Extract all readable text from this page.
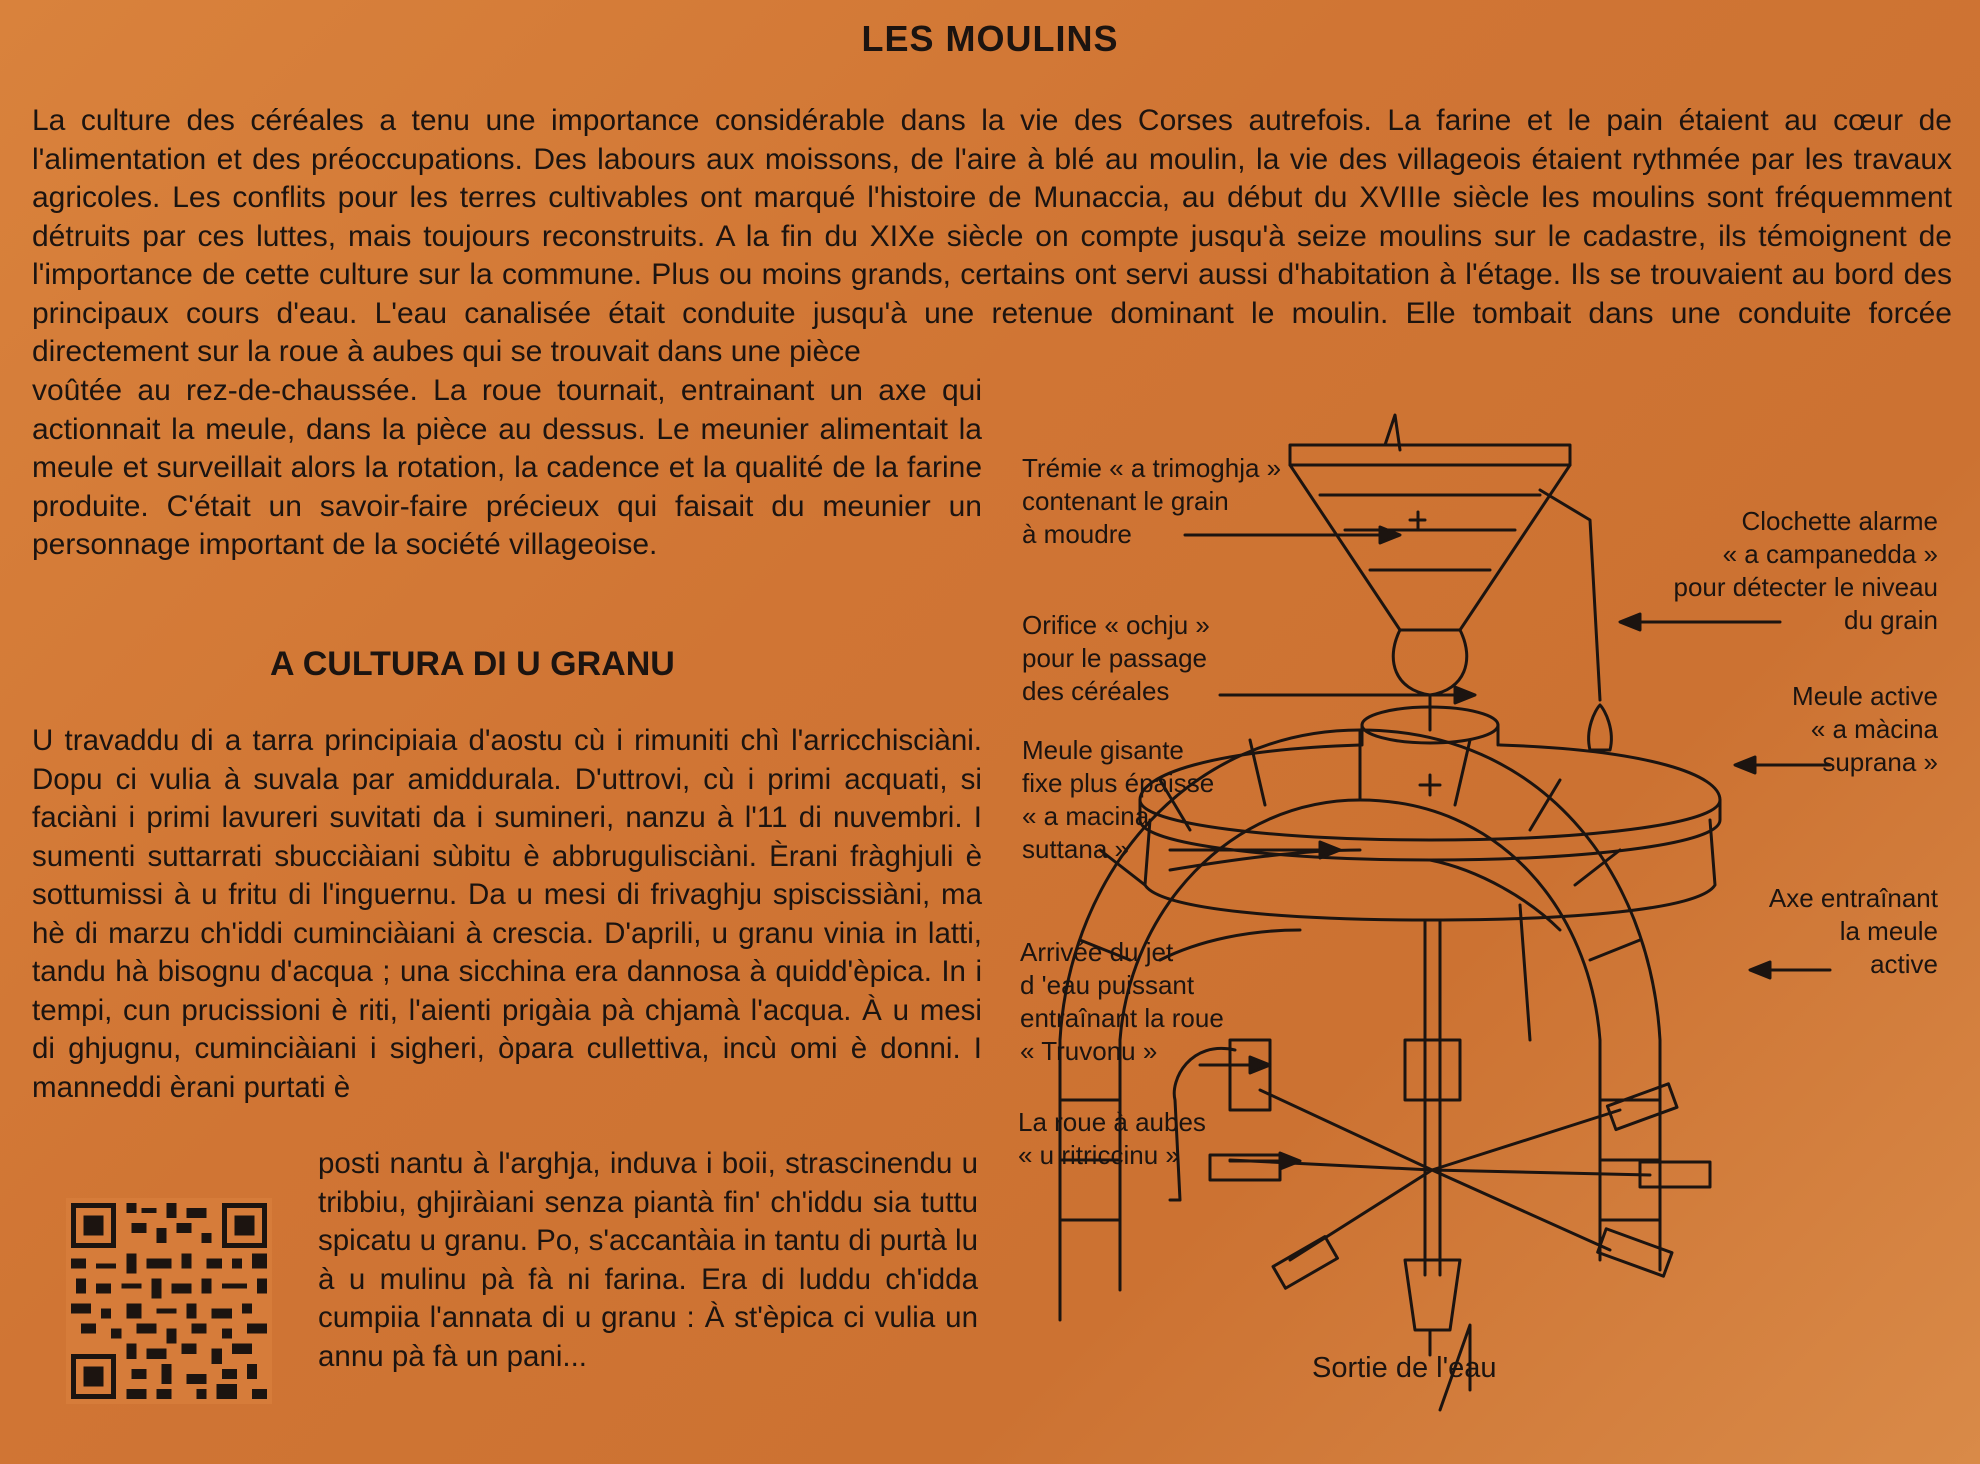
LES MOULINS
La culture des céréales a tenu une importance considérable dans la vie des Corses autrefois. La farine et le pain étaient au cœur de l'alimentation et des préoccupations. Des labours aux moissons, de l'aire à blé au moulin, la vie des villageois étaient rythmée par les travaux agricoles. Les conflits pour les terres cultivables ont marqué l'histoire de Munaccia, au début du XVIIIe siècle les moulins sont fréquemment détruits par ces luttes, mais toujours reconstruits. A la fin du XIXe siècle on compte jusqu'à seize moulins sur le cadastre, ils témoignent de l'importance de cette culture sur la commune. Plus ou moins grands, certains ont servi aussi d'habitation à l'étage. Ils se trouvaient au bord des principaux cours d'eau. L'eau canalisée était conduite jusqu'à une retenue dominant le moulin. Elle tombait dans une conduite forcée directement sur la roue à aubes qui se trouvait dans une pièce
voûtée au rez-de-chaussée. La roue tournait, entrainant un axe qui actionnait la meule, dans la pièce au dessus. Le meunier alimentait la meule et surveillait alors la rotation, la cadence et la qualité de la farine produite. C'était un savoir-faire précieux qui faisait du meunier un personnage important de la société villageoise.
A CULTURA DI U GRANU
U travaddu di a tarra principiaia d'aostu cù i rimuniti chì l'arricchisciàni. Dopu ci vulia à suvala par amiddurala. D'uttrovi, cù i primi acquati, si faciàni i primi lavureri suvitati da i sumineri, nanzu à l'11 di nuvembri. I sumenti suttarrati sbucciàiani sùbitu è abbrugulisciàni. Èrani fràghjuli è sottumissi à u fritu di l'inguernu. Da u mesi di frivaghju spiscissiàni, ma hè di marzu ch'iddi cuminciàiani à crescia. D'aprili, u granu vinia in latti, tandu hà bisognu d'acqua ; una sicchina era dannosa à quidd'èpica. In i tempi, cun prucissioni è riti, l'aienti prigàia pà chjamà l'acqua. À u mesi di ghjugnu, cuminciàiani i sigheri, òpara cullettiva, incù omi è donni. I manneddi èrani purtati è
posti nantu à l'arghja, induva i boii, strascinendu u tribbiu, ghjiràiani senza piantà fin' ch'iddu sia tuttu spicatu u granu. Po, s'accantàia in tantu di purtà lu à u mulinu pà fà ni farina. Era di luddu ch'idda cumpiia l'annata di u granu : À st'èpica ci vulia un annu pà fà un pani...
Trémie « a trimoghja »
contenant le grain
à moudre	Clochette alarme
« a campanedda »
pour détecter le niveau
du grain
Orifice « ochju »
pour le passage
des céréales	Meule active
« a màcina
suprana »
Meule gisante
fixe plus épaisse
« a macina
suttana »
Axe entraînant
la meule
active
Arrivée du jet
d 'eau puissant
entraînant la roue
« Truvonu »
La roue à aubes
« u ritriccinu »
Sortie de l'eau
